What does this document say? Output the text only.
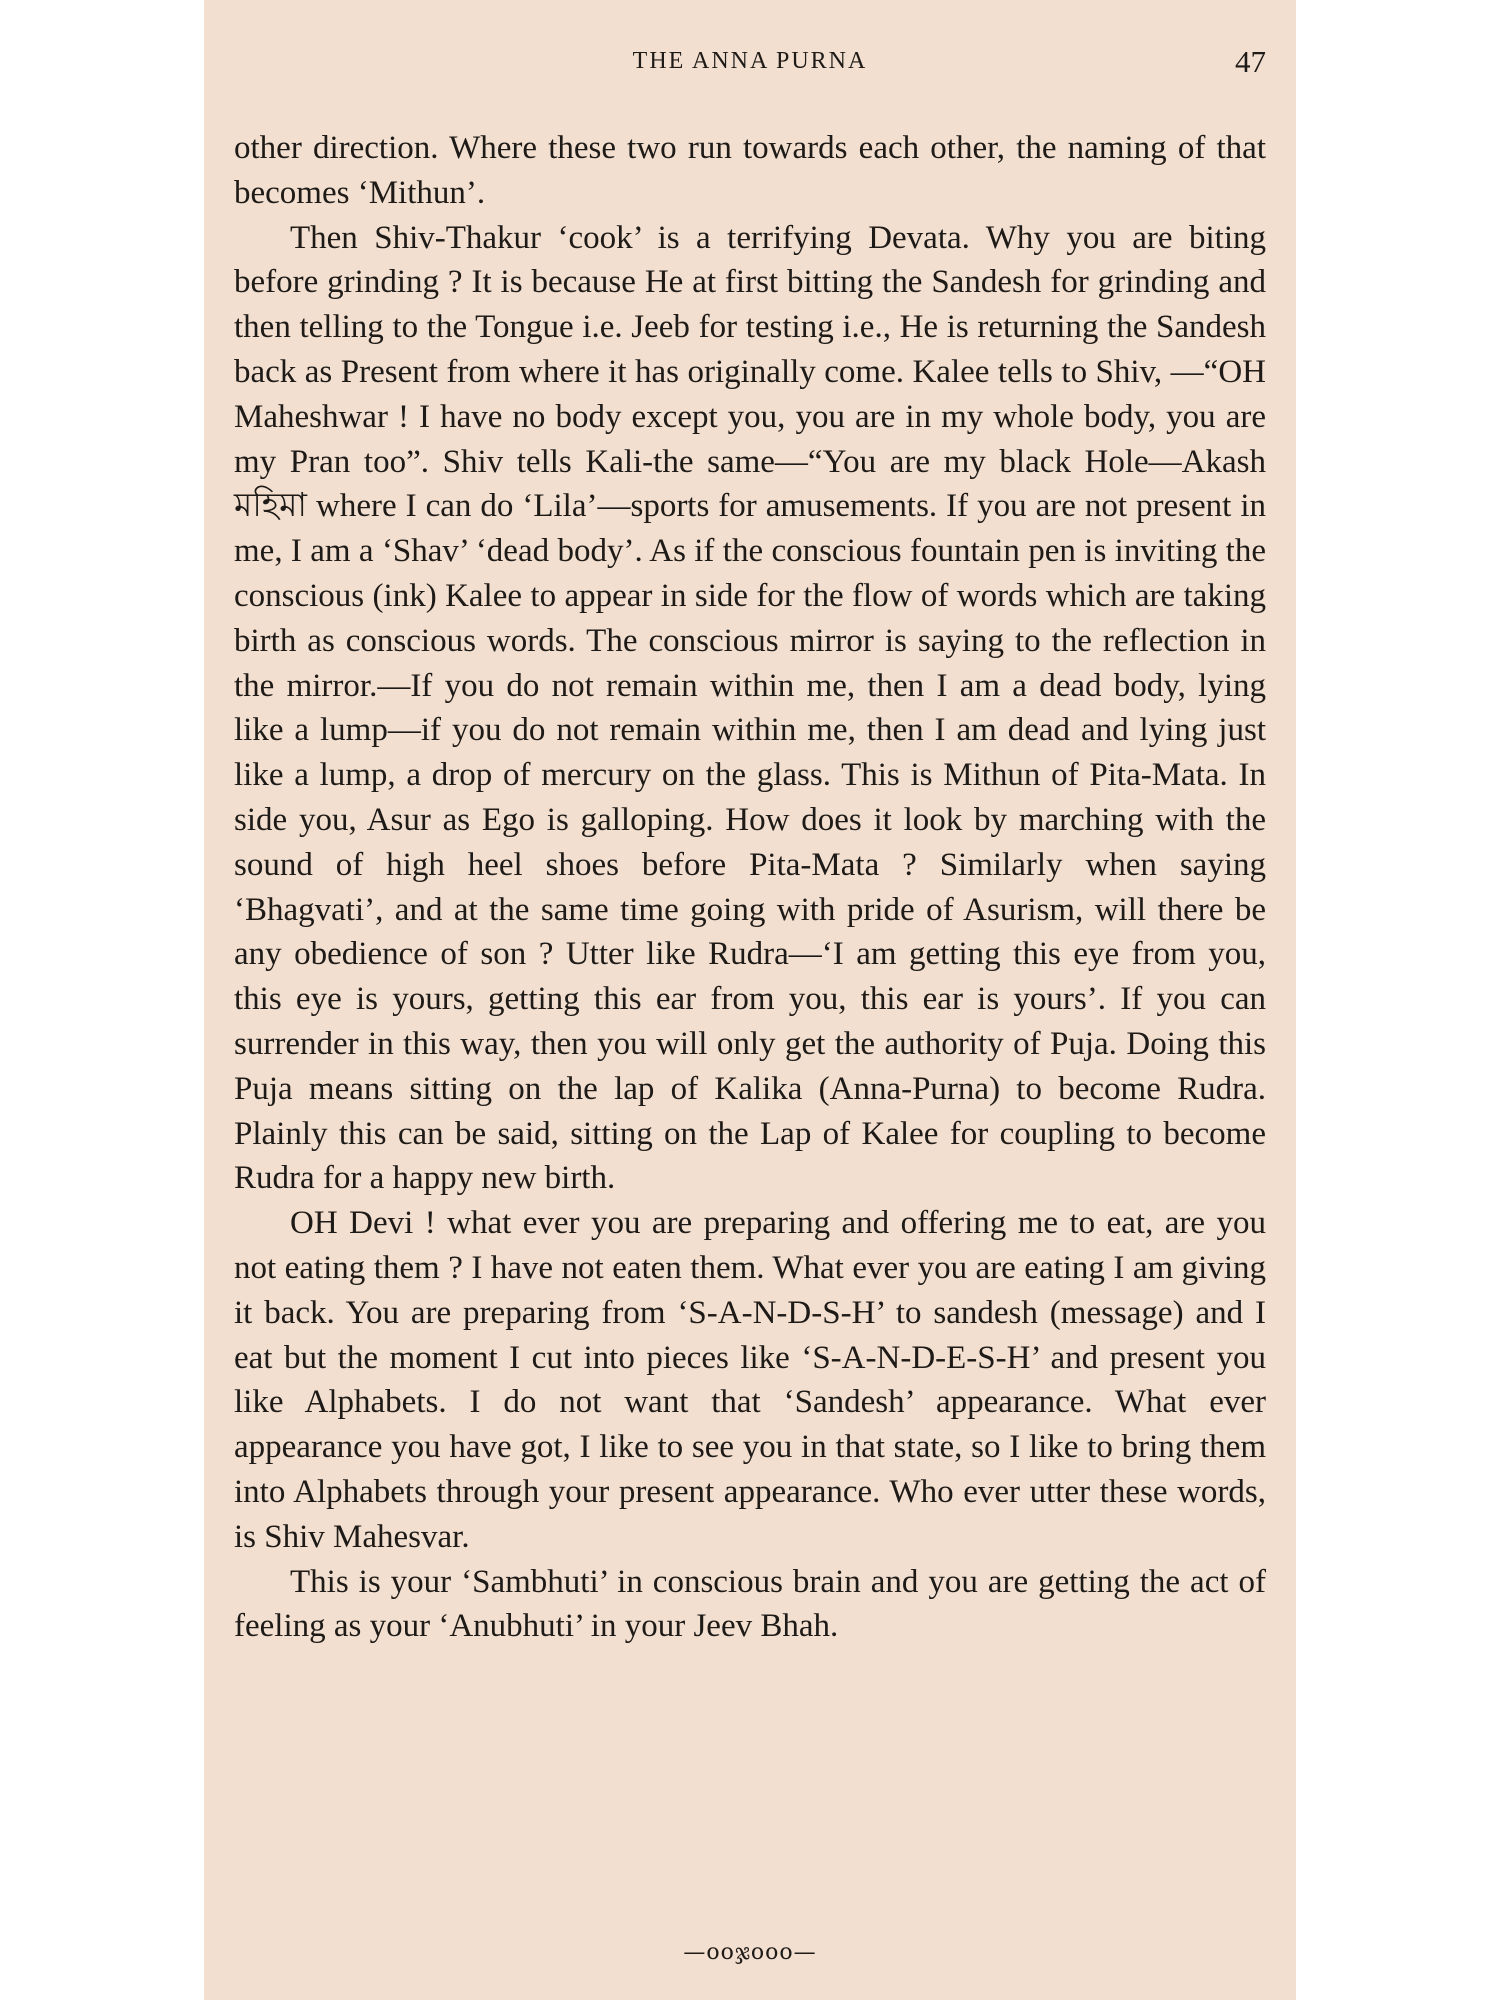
THE ANNA PURNA	47

other direction. Where these two run towards each other, the naming of that becomes ‘Mithun’.

Then Shiv-Thakur ‘cook’ is a terrifying Devata. Why you are biting before grinding ? It is because He at first bitting the Sandesh for grinding and then telling to the Tongue i.e. Jeeb for testing i.e., He is returning the Sandesh back as Present from where it has originally come. Kalee tells to Shiv, —“OH Maheshwar ! I have no body except you, you are in my whole body, you are my Pran too”. Shiv tells Kali-the same—“You are my black Hole—Akash মহিমা where I can do ‘Lila’—sports for amusements. If you are not present in me, I am a ‘Shav’ ‘dead body’. As if the conscious fountain pen is inviting the conscious (ink) Kalee to appear in side for the flow of words which are taking birth as conscious words. The conscious mirror is saying to the reflection in the mirror.—If you do not remain within me, then I am a dead body, lying like a lump—if you do not remain within me, then I am dead and lying just like a lump, a drop of mercury on the glass. This is Mithun of Pita-Mata. In side you, Asur as Ego is galloping. How does it look by marching with the sound of high heel shoes before Pita-Mata ? Similarly when saying ‘Bhagvati’, and at the same time going with pride of Asurism, will there be any obedience of son ? Utter like Rudra—‘I am getting this eye from you, this eye is yours, getting this ear from you, this ear is yours’. If you can surrender in this way, then you will only get the authority of Puja. Doing this Puja means sitting on the lap of Kalika (Anna-Purna) to become Rudra. Plainly this can be said, sitting on the Lap of Kalee for coupling to become Rudra for a happy new birth.

OH Devi ! what ever you are preparing and offering me to eat, are you not eating them ? I have not eaten them. What ever you are eating I am giving it back. You are preparing from ‘S-A-N-D-S-H’ to sandesh (message) and I eat but the moment I cut into pieces like ‘S-A-N-D-E-S-H’ and present you like Alphabets. I do not want that ‘Sandesh’ appearance. What ever appearance you have got, I like to see you in that state, so I like to bring them into Alphabets through your present appearance. Who ever utter these words, is Shiv Mahesvar.

This is your ‘Sambhuti’ in conscious brain and you are getting the act of feeling as your ‘Anubhuti’ in your Jeev Bhah.

—ooჯooo—
